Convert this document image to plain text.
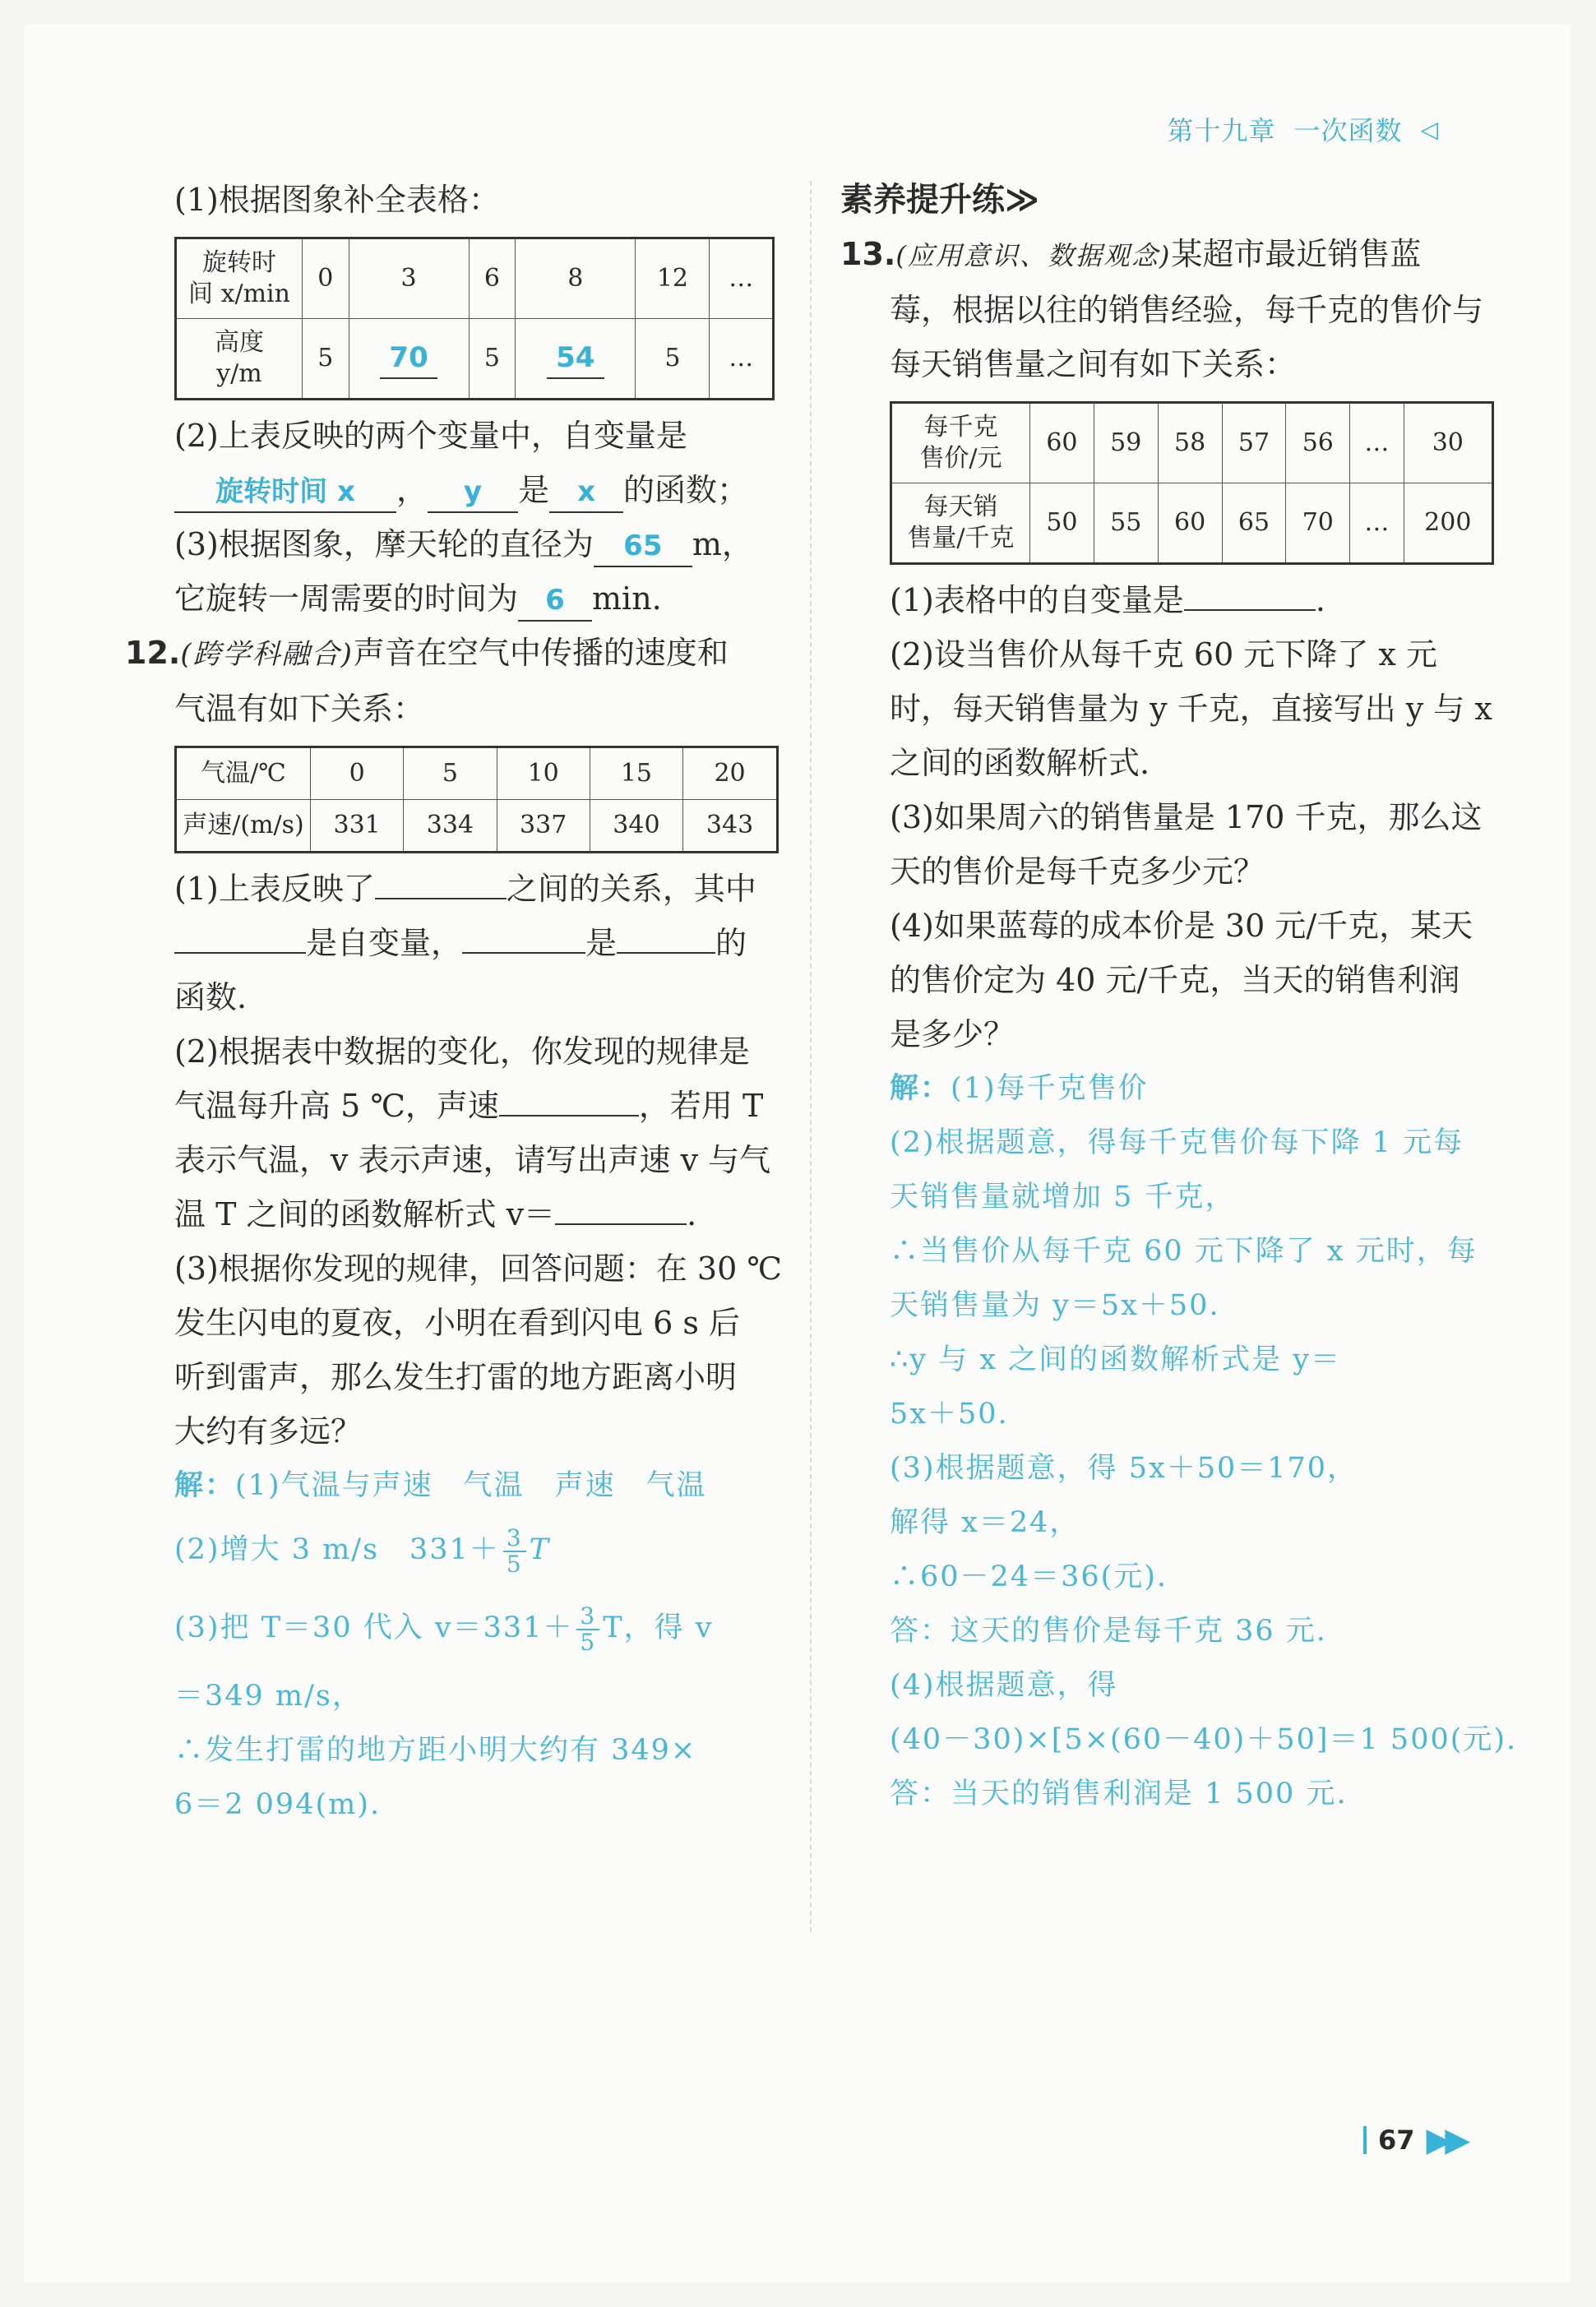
第十九章 一次函数 ◁
(1)根据图象补全表格：
旋转时
间 x/min	0	3	6	8	12	…
高度
y/m	5	70	5	54	5	…
(2)上表反映的两个变量中，自变量是
旋转时间 x ， y 是 x 的函数；
(3)根据图象，摩天轮的直径为 65 m，
它旋转一周需要的时间为 6 min.
12.(跨学科融合)声音在空气中传播的速度和
气温有如下关系：
气温/℃	0	5	10	15	20
声速/(m/s)	331	334	337	340	343
(1)上表反映了	之间的关系，其中
是自变量，	是	的
函数.
(2)根据表中数据的变化，你发现的规律是
气温每升高 5 ℃，声速	，若用 T
表示气温，v 表示声速，请写出声速 v 与气
温 T 之间的函数解析式 v＝	.
(3)根据你发现的规律，回答问题：在 30 ℃
发生闪电的夏夜，小明在看到闪电 6 s 后
听到雷声，那么发生打雷的地方距离小明
大约有多远？
解：(1)气温与声速　气温　声速　气温
(2)增大 3 m/s　$331+ \frac{3}{5}$ T
(3)把 T＝30 代入 $v=331+ \frac{3}{5}$ T，得 v
＝349 m/s，
∴发生打雷的地方距小明大约有 349×
6＝2 094(m).
素养提升练≫
13.(应用意识、数据观念)某超市最近销售蓝
莓，根据以往的销售经验，每千克的售价与
每天销售量之间有如下关系：
每千克
售价/元	60	59	58	57	56	…	30
每天销
售量/千克	50	55	60	65	70	…	200
(1)表格中的自变量是	.
(2)设当售价从每千克 60 元下降了 x 元
时，每天销售量为 y 千克，直接写出 y 与 x
之间的函数解析式.
(3)如果周六的销售量是 170 千克，那么这
天的售价是每千克多少元？
(4)如果蓝莓的成本价是 30 元/千克，某天
的售价定为 40 元/千克，当天的销售利润
是多少？
解：(1)每千克售价
(2)根据题意，得每千克售价每下降 1 元每
天销售量就增加 5 千克，
∴当售价从每千克 60 元下降了 x 元时，每
天销售量为 y＝5x＋50.
∴y 与 x 之间的函数解析式是 y＝
5x＋50.
(3)根据题意，得 5x＋50＝170，
解得 x＝24，
∴60－24＝36(元).
答：这天的售价是每千克 36 元.
(4)根据题意，得
(40－30)×[5×(60－40)＋50]＝1 500(元).
答：当天的销售利润是 1 500 元.
67 ▶▶
